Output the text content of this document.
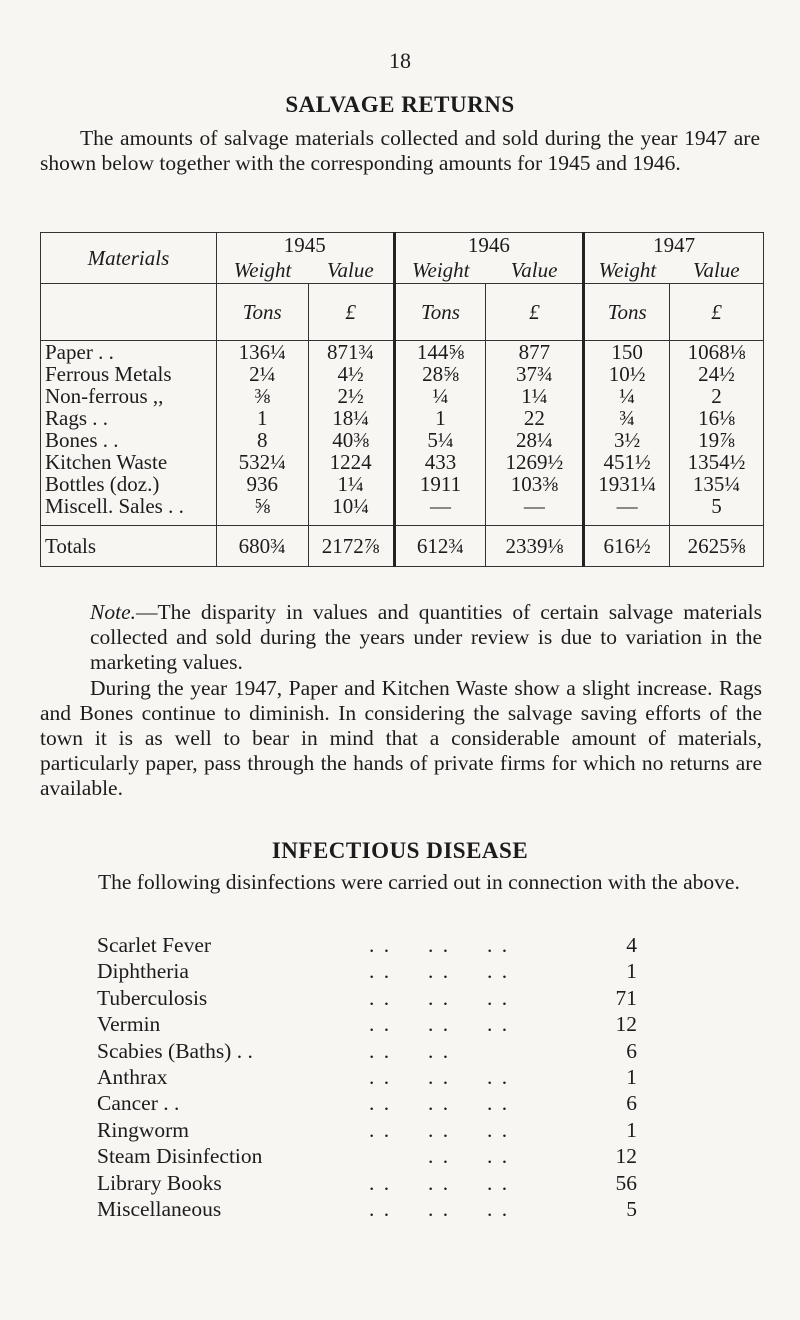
18
SALVAGE RETURNS

The amounts of salvage materials collected and sold during the year 1947 are shown below together with the corresponding amounts for 1945 and 1946.

Materials	1945		1946		1947	
	Weight	Value	Weight	Value	Weight	Value
	Tons	£	Tons	£	Tons	£
Paper . .	136¼	871¾	144⅝	877	150	1068⅛
Ferrous Metals	2¼	4½	28⅝	37¾	10½	24½
Non-ferrous ,,	⅜	2½	¼	1¼	¼	2
Rags . .	1	18¼	1	22	¾	16⅛
Bones . .	8	40⅜	5¼	28¼	3½	19⅞
Kitchen Waste	532¼	1224	433	1269½	451½	1354½
Bottles (doz.)	936	1¼	1911	103⅜	1931¼	135¼
Miscell. Sales . .	⅝	10¼	—	—	—	5

Totals	680¾	2172⅞	612¾	2339⅛	616½	2625⅝

Note.—The disparity in values and quantities of certain salvage materials collected and sold during the years under review is due to variation in the marketing values.

During the year 1947, Paper and Kitchen Waste show a slight increase. Rags and Bones continue to diminish. In considering the salvage saving efforts of the town it is as well to bear in mind that a considerable amount of materials, particularly paper, pass through the hands of private firms for which no returns are available.

INFECTIOUS DISEASE

The following disinfections were carried out in connection with the above.

Scarlet Fever	. .     . .     . .	4
Diphtheria	. .     . .     . .	1
Tuberculosis	. .     . .     . .	71
Vermin	. .     . .     . .	12
Scabies (Baths) . .	. .     . .	6
Anthrax	. .     . .     . .	1
Cancer . .	. .     . .     . .	6
Ringworm	. .     . .     . .	1
Steam Disinfection	. .     . .	12
Library Books	. .     . .     . .	56
Miscellaneous	. .     . .     . .	5
